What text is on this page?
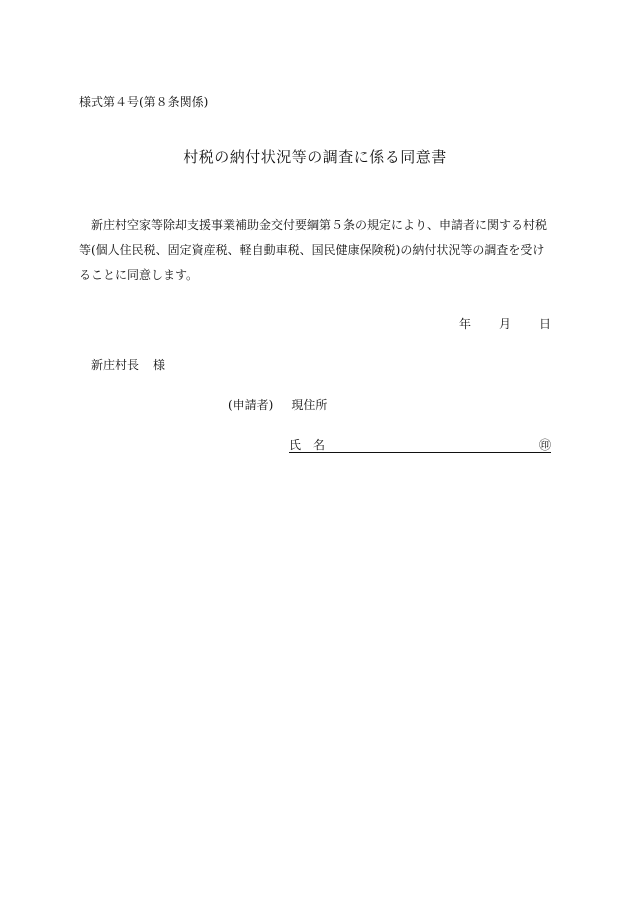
様式第４号(第８条関係)
村税の納付状況等の調査に係る同意書
新庄村空家等除却支援事業補助金交付要綱第５条の規定により、申請者に関する村税
等(個人住民税、固定資産税、軽自動車税、国民健康保険税)の納付状況等の調査を受け
ることに同意します。
年 月 日
新庄村長 様
(申請者) 現住所
氏　名	㊞
